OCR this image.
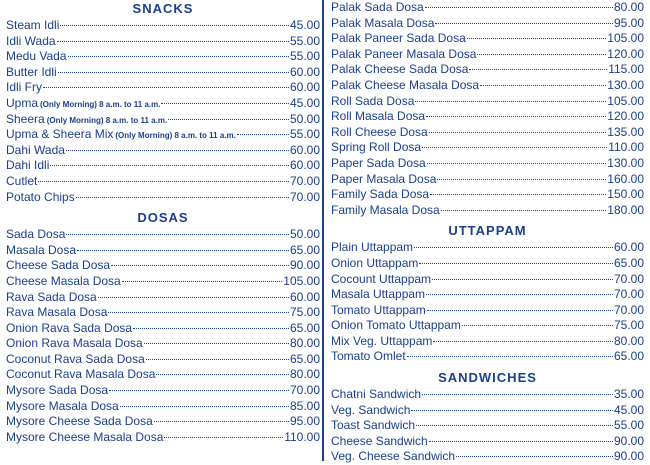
SNACKS
Steam Idli	45.00
Idli Wada	55.00
Medu Vada	55.00
Butter Idli	60.00
Idli Fry	60.00
Upma (Only Morning) 8 a.m. to 11 a.m.	45.00
Sheera (Only Morning) 8 a.m. to 11 a.m.	50.00
Upma & Sheera Mix (Only Morning) 8 a.m. to 11 a.m.	55.00
Dahi Wada	60.00
Dahi Idli	60.00
Cutlet	70.00
Potato Chips	70.00
DOSAS
Sada Dosa	50.00
Masala Dosa	65.00
Cheese Sada Dosa	90.00
Cheese Masala Dosa	105.00
Rava Sada Dosa	60.00
Rava Masala Dosa	75.00
Onion Rava Sada Dosa	65.00
Onion Rava Masala Dosa	80.00
Coconut Rava Sada Dosa	65.00
Coconut Rava Masala Dosa	80.00
Mysore Sada Dosa	70.00
Mysore Masala Dosa	85.00
Mysore Cheese Sada Dosa	95.00
Mysore Cheese Masala Dosa	110.00
Palak Sada Dosa	80.00
Palak Masala Dosa	95.00
Palak Paneer Sada Dosa	105.00
Palak Paneer Masala Dosa	120.00
Palak Cheese Sada Dosa	115.00
Palak Cheese Masala Dosa	130.00
Roll Sada Dosa	105.00
Roll Masala Dosa	120.00
Roll Cheese Dosa	135.00
Spring Roll Dosa	110.00
Paper Sada Dosa	130.00
Paper Masala Dosa	160.00
Family Sada Dosa	150.00
Family Masala Dosa	180.00
UTTAPPAM
Plain Uttappam	60.00
Onion Uttappam	65.00
Cocount Uttappam	70.00
Masala Uttappam	70.00
Tomato Uttappam	70.00
Onion Tomato Uttappam	75.00
Mix Veg. Uttappam	80.00
Tomato Omlet	65.00
SANDWICHES
Chatni Sandwich	35.00
Veg. Sandwich	45.00
Toast Sandwich	55.00
Cheese Sandwich	90.00
Veg. Cheese Sandwich	90.00
